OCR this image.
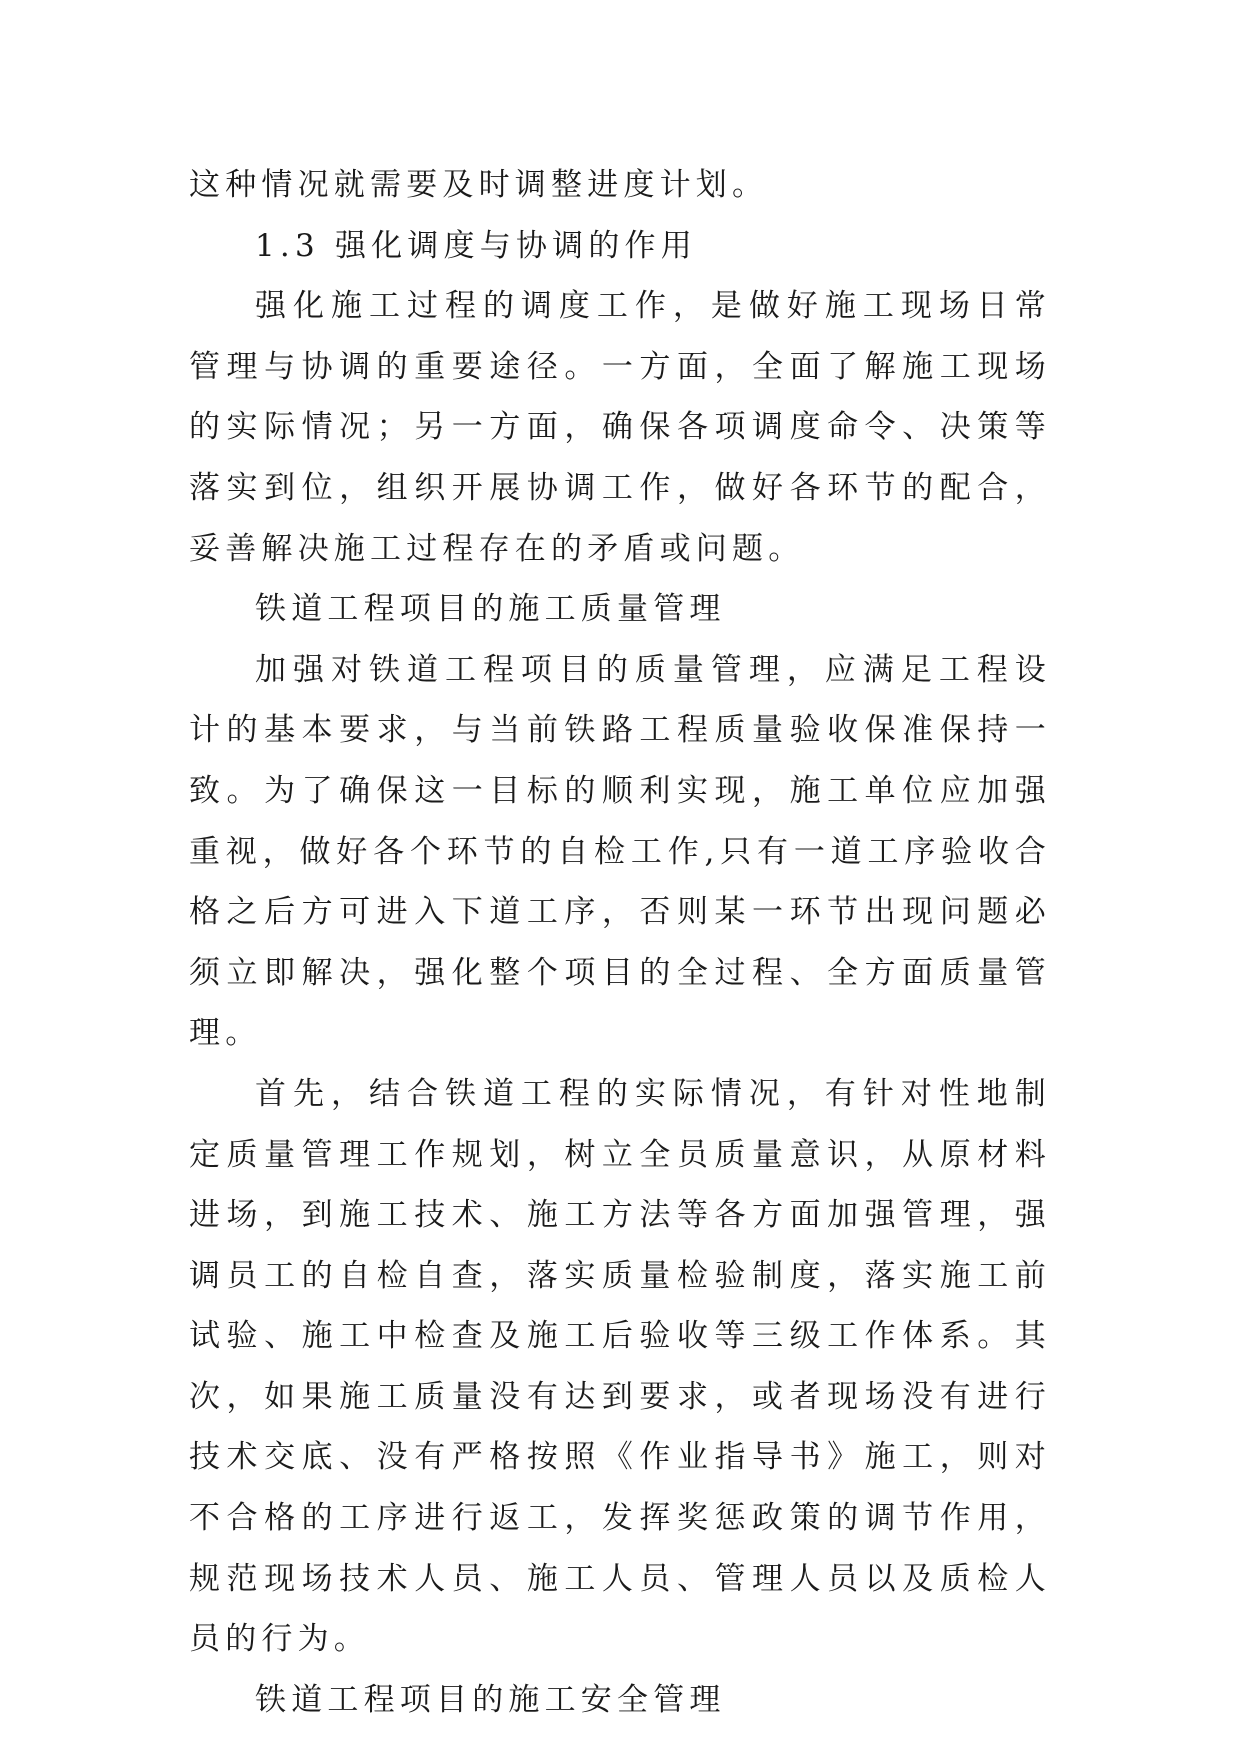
这种情况就需要及时调整进度计划。

1.3 强化调度与协调的作用

强化施工过程的调度工作，是做好施工现场日常管理与协调的重要途径。一方面，全面了解施工现场的实际情况；另一方面，确保各项调度命令、决策等落实到位，组织开展协调工作，做好各环节的配合，妥善解决施工过程存在的矛盾或问题。

铁道工程项目的施工质量管理

加强对铁道工程项目的质量管理，应满足工程设计的基本要求，与当前铁路工程质量验收保准保持一致。为了确保这一目标的顺利实现，施工单位应加强重视，做好各个环节的自检工作,只有一道工序验收合格之后方可进入下道工序，否则某一环节出现问题必须立即解决，强化整个项目的全过程、全方面质量管理。

首先，结合铁道工程的实际情况，有针对性地制定质量管理工作规划，树立全员质量意识，从原材料进场，到施工技术、施工方法等各方面加强管理，强调员工的自检自查，落实质量检验制度，落实施工前试验、施工中检查及施工后验收等三级工作体系。其次，如果施工质量没有达到要求，或者现场没有进行技术交底、没有严格按照《作业指导书》施工，则对不合格的工序进行返工，发挥奖惩政策的调节作用，规范现场技术人员、施工人员、管理人员以及质检人员的行为。

铁道工程项目的施工安全管理
